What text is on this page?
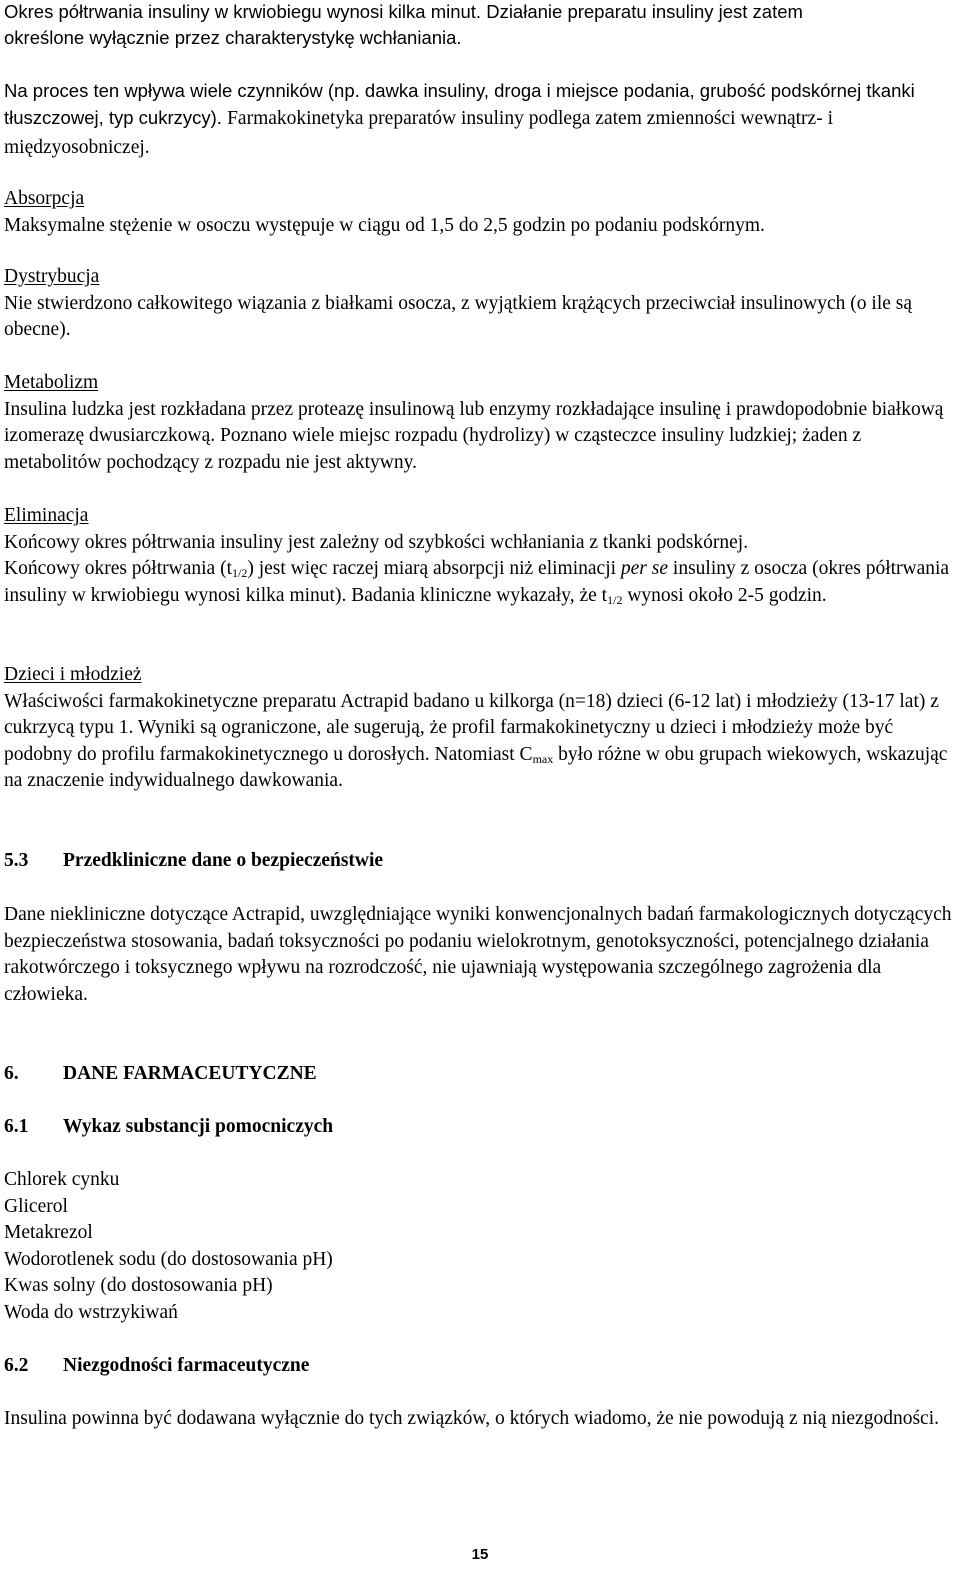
Okres półtrwania insuliny w krwiobiegu wynosi kilka minut. Działanie preparatu insuliny jest zatem

określone wyłącznie przez charakterystykę wchłaniania.

Na proces ten wpływa wiele czynników (np. dawka insuliny, droga i miejsce podania, grubość podskórnej tkanki tłuszczowej, typ cukrzycy). Farmakokinetyka preparatów insuliny podlega zatem zmienności wewnątrz- i międzyosobniczej.

Absorpcja

Maksymalne stężenie w osoczu występuje w ciągu od 1,5 do 2,5 godzin po podaniu podskórnym.

Dystrybucja

Nie stwierdzono całkowitego wiązania z białkami osocza, z wyjątkiem krążących przeciwciał insulinowych (o ile są obecne).

Metabolizm

Insulina ludzka jest rozkładana przez proteazę insulinową lub enzymy rozkładające insulinę i prawdopodobnie białkową izomerazę dwusiarczkową. Poznano wiele miejsc rozpadu (hydrolizy) w cząsteczce insuliny ludzkiej; żaden z metabolitów pochodzący z rozpadu nie jest aktywny.

Eliminacja

Końcowy okres półtrwania insuliny jest zależny od szybkości wchłaniania z tkanki podskórnej.

Końcowy okres półtrwania $(t_{1/2})$ jest więc raczej miarą absorpcji niż eliminacji per se insuliny z osocza (okres półtrwania insuliny w krwiobiegu wynosi kilka minut). Badania kliniczne wykazały, że $t_{1/2}$ wynosi około 2-5 godzin.

Dzieci i młodzież

Właściwości farmakokinetyczne preparatu Actrapid badano u kilkorga (n=18) dzieci (6-12 lat) i młodzieży (13-17 lat) z cukrzycą typu 1. Wyniki są ograniczone, ale sugerują, że profil farmakokinetyczny u dzieci i młodzieży może być podobny do profilu farmakokinetycznego u dorosłych. Natomiast $C_{max}$ było różne w obu grupach wiekowych, wskazując na znaczenie indywidualnego dawkowania.

5.3	Przedkliniczne dane o bezpieczeństwie

Dane niekliniczne dotyczące Actrapid, uwzględniające wyniki konwencjonalnych badań farmakologicznych dotyczących bezpieczeństwa stosowania, badań toksyczności po podaniu wielokrotnym, genotoksyczności, potencjalnego działania rakotwórczego i toksycznego wpływu na rozrodczość, nie ujawniają występowania szczególnego zagrożenia dla człowieka.

6.	DANE FARMACEUTYCZNE
6.1	Wykaz substancji pomocniczych

Chlorek cynku

Glicerol

Metakrezol

Wodorotlenek sodu (do dostosowania pH)

Kwas solny (do dostosowania pH)

Woda do wstrzykiwań

6.2	Niezgodności farmaceutyczne

Insulina powinna być dodawana wyłącznie do tych związków, o których wiadomo, że nie powodują z nią niezgodności.

15
